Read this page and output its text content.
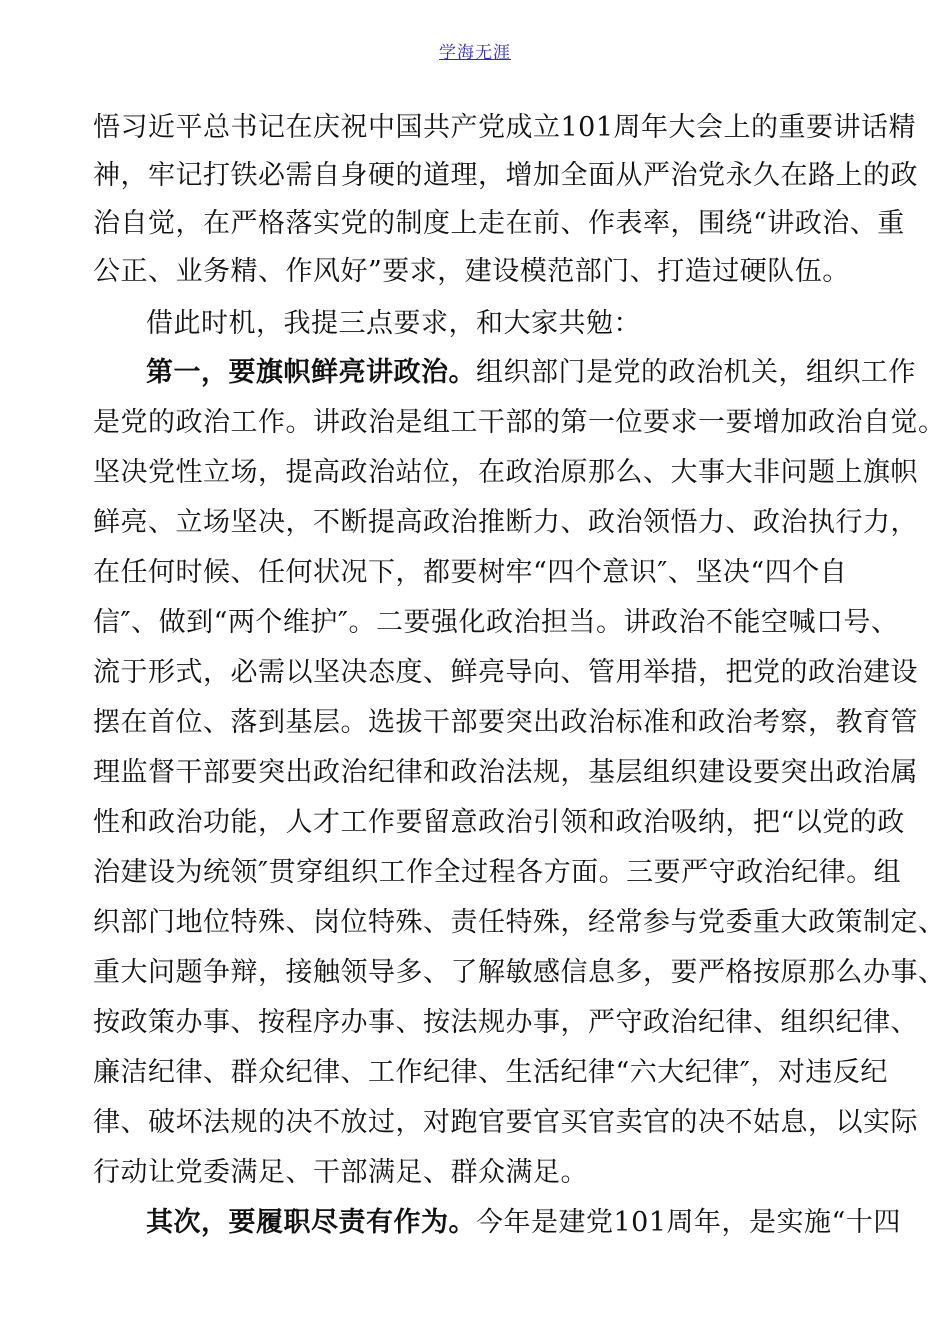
学海无涯
悟习近平总书记在庆祝中国共产党成立101周年大会上的重要讲话精
神，牢记打铁必需自身硬的道理，增加全面从严治党永久在路上的政
治自觉，在严格落实党的制度上走在前、作表率，围绕“讲政治、重
公正、业务精、作风好”要求，建设模范部门、打造过硬队伍。
借此时机，我提三点要求，和大家共勉：
第一，要旗帜鲜亮讲政治。组织部门是党的政治机关，组织工作
是党的政治工作。讲政治是组工干部的第一位要求一要增加政治自觉。
坚决党性立场，提高政治站位，在政治原那么、大事大非问题上旗帜
鲜亮、立场坚决，不断提高政治推断力、政治领悟力、政治执行力，
在任何时候、任何状况下，都要树牢“四个意识″、坚决“四个自
信″、做到“两个维护″。二要强化政治担当。讲政治不能空喊口号、
流于形式，必需以坚决态度、鲜亮导向、管用举措，把党的政治建设
摆在首位、落到基层。选拔干部要突出政治标准和政治考察，教育管
理监督干部要突出政治纪律和政治法规，基层组织建设要突出政治属
性和政治功能，人才工作要留意政治引领和政治吸纳，把“以党的政
治建设为统领″贯穿组织工作全过程各方面。三要严守政治纪律。组
织部门地位特殊、岗位特殊、责任特殊，经常参与党委重大政策制定、
重大问题争辩，接触领导多、了解敏感信息多，要严格按原那么办事、
按政策办事、按程序办事、按法规办事，严守政治纪律、组织纪律、
廉洁纪律、群众纪律、工作纪律、生活纪律“六大纪律″，对违反纪
律、破坏法规的决不放过，对跑官要官买官卖官的决不姑息，以实际
行动让党委满足、干部满足、群众满足。
其次，要履职尽责有作为。今年是建党101周年，是实施“十四
